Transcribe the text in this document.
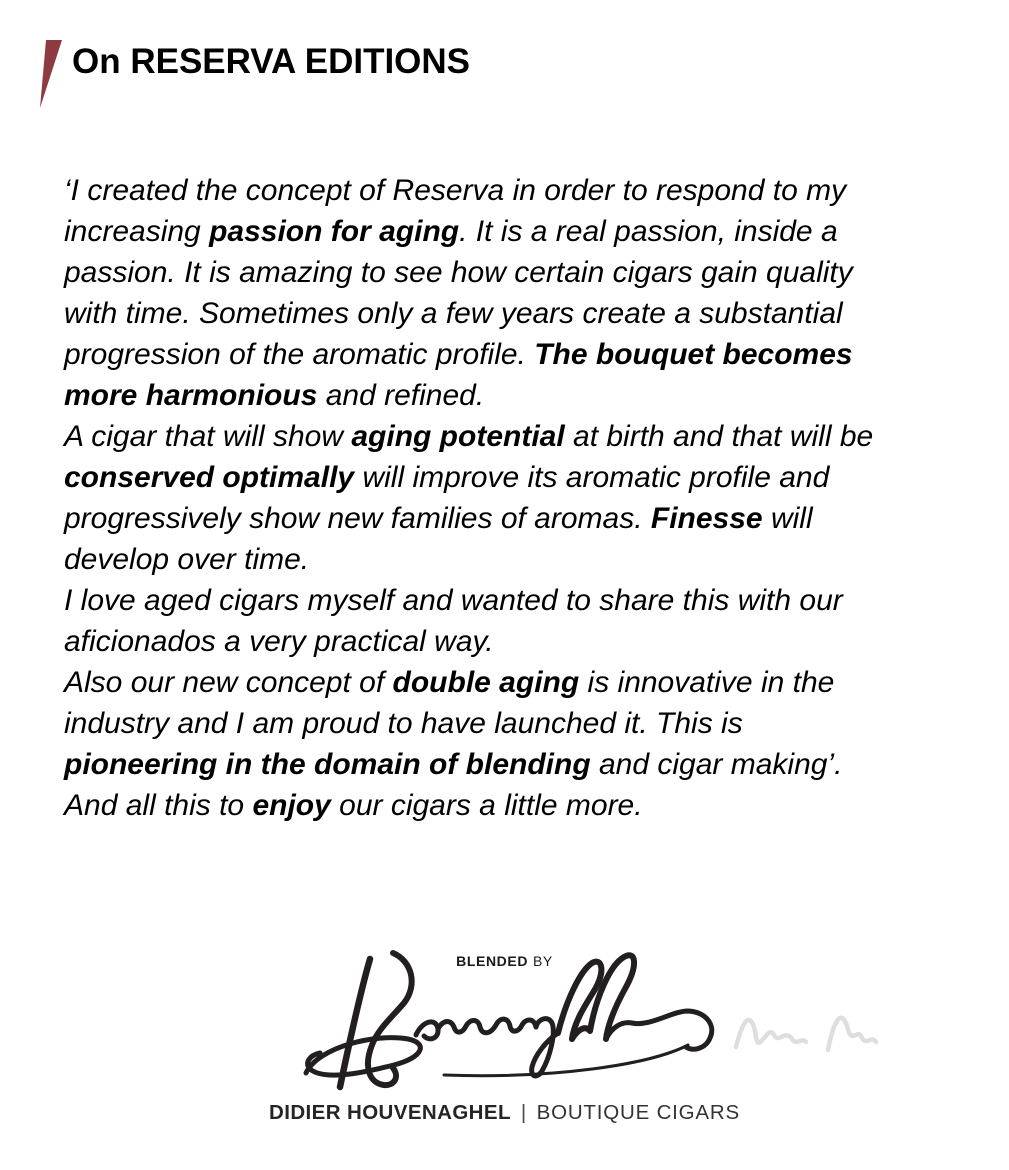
On RESERVA EDITIONS
‘I created the concept of Reserva in order to respond to my
increasing passion for aging. It is a real passion, inside a
passion. It is amazing to see how certain cigars gain quality
with time. Sometimes only a few years create a substantial
progression of the aromatic profile. The bouquet becomes
more harmonious and refined.
A cigar that will show aging potential at birth and that will be
conserved optimally will improve its aromatic profile and
progressively show new families of aromas. Finesse will
develop over time.
I love aged cigars myself and wanted to share this with our
aficionados a very practical way.
Also our new concept of double aging is innovative in the
industry and I am proud to have launched it. This is
pioneering in the domain of blending and cigar making’.
And all this to enjoy our cigars a little more.
BLENDED BY
DIDIER HOUVENAGHEL | BOUTIQUE CIGARS
